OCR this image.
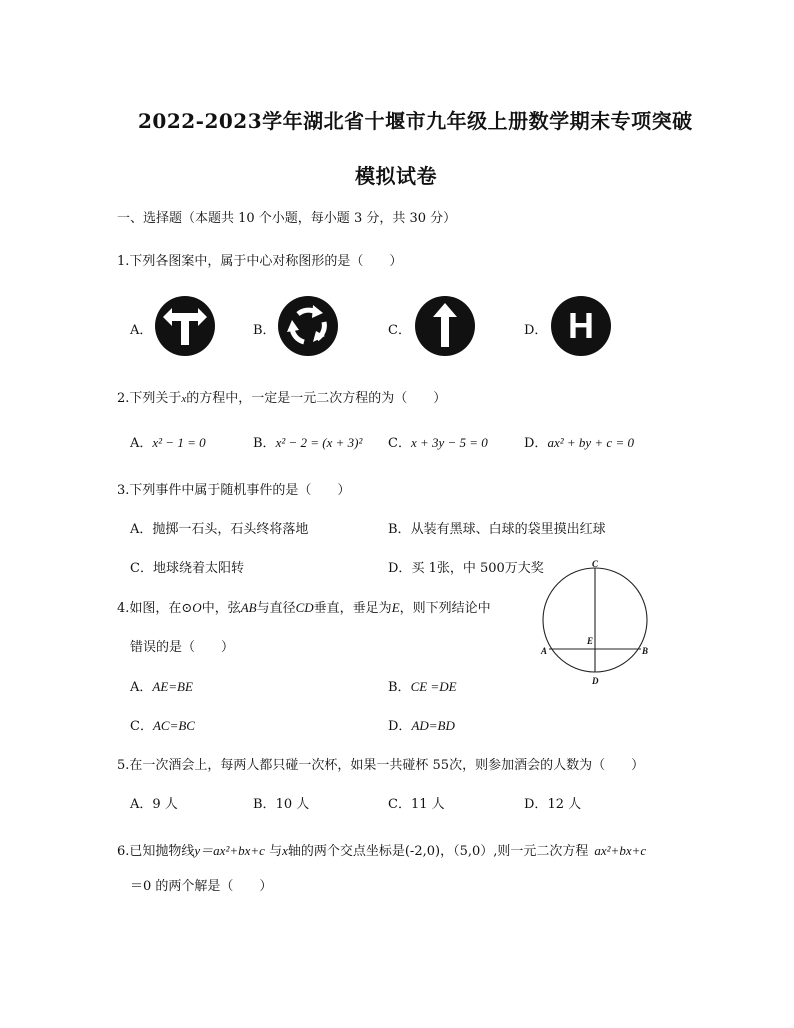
2022-2023学年湖北省十堰市九年级上册数学期末专项突破
模拟试卷
一、选择题（本题共 10 个小题，每小题 3 分，共 30 分）
1.下列各图案中，属于中心对称图形的是（　　）
A．	B．	C．	D． H
2.下列关于x的方程中，一定是一元二次方程的为（　　）
A．x² − 1 = 0	B．x² − 2 = (x + 3)² C．x + 3y − 5 = 0	D．ax² + by + c = 0
3.下列事件中属于随机事件的是（　　）
A．抛掷一石头，石头终将落地	B．从装有黑球、白球的袋里摸出红球
C．地球绕着太阳转	D．买 1张，中 500万大奖
4.如图，在⊙O中，弦AB与直径CD垂直，垂足为E，则下列结论中
错误的是（　　）
A．AE=BE	B．CE =DE
C．AC=BC	D．AD=BD
C
E
A	B
D
5.在一次酒会上，每两人都只碰一次杯，如果一共碰杯 55次，则参加酒会的人数为（　　）
A．9 人	B．10 人	C．11 人	D．12 人
6.已知抛物线y＝ax²+bx+c 与x轴的两个交点坐标是(-2,0)，（5,0）,则一元二次方程 ax²+bx+c
＝0 的两个解是（　　）
